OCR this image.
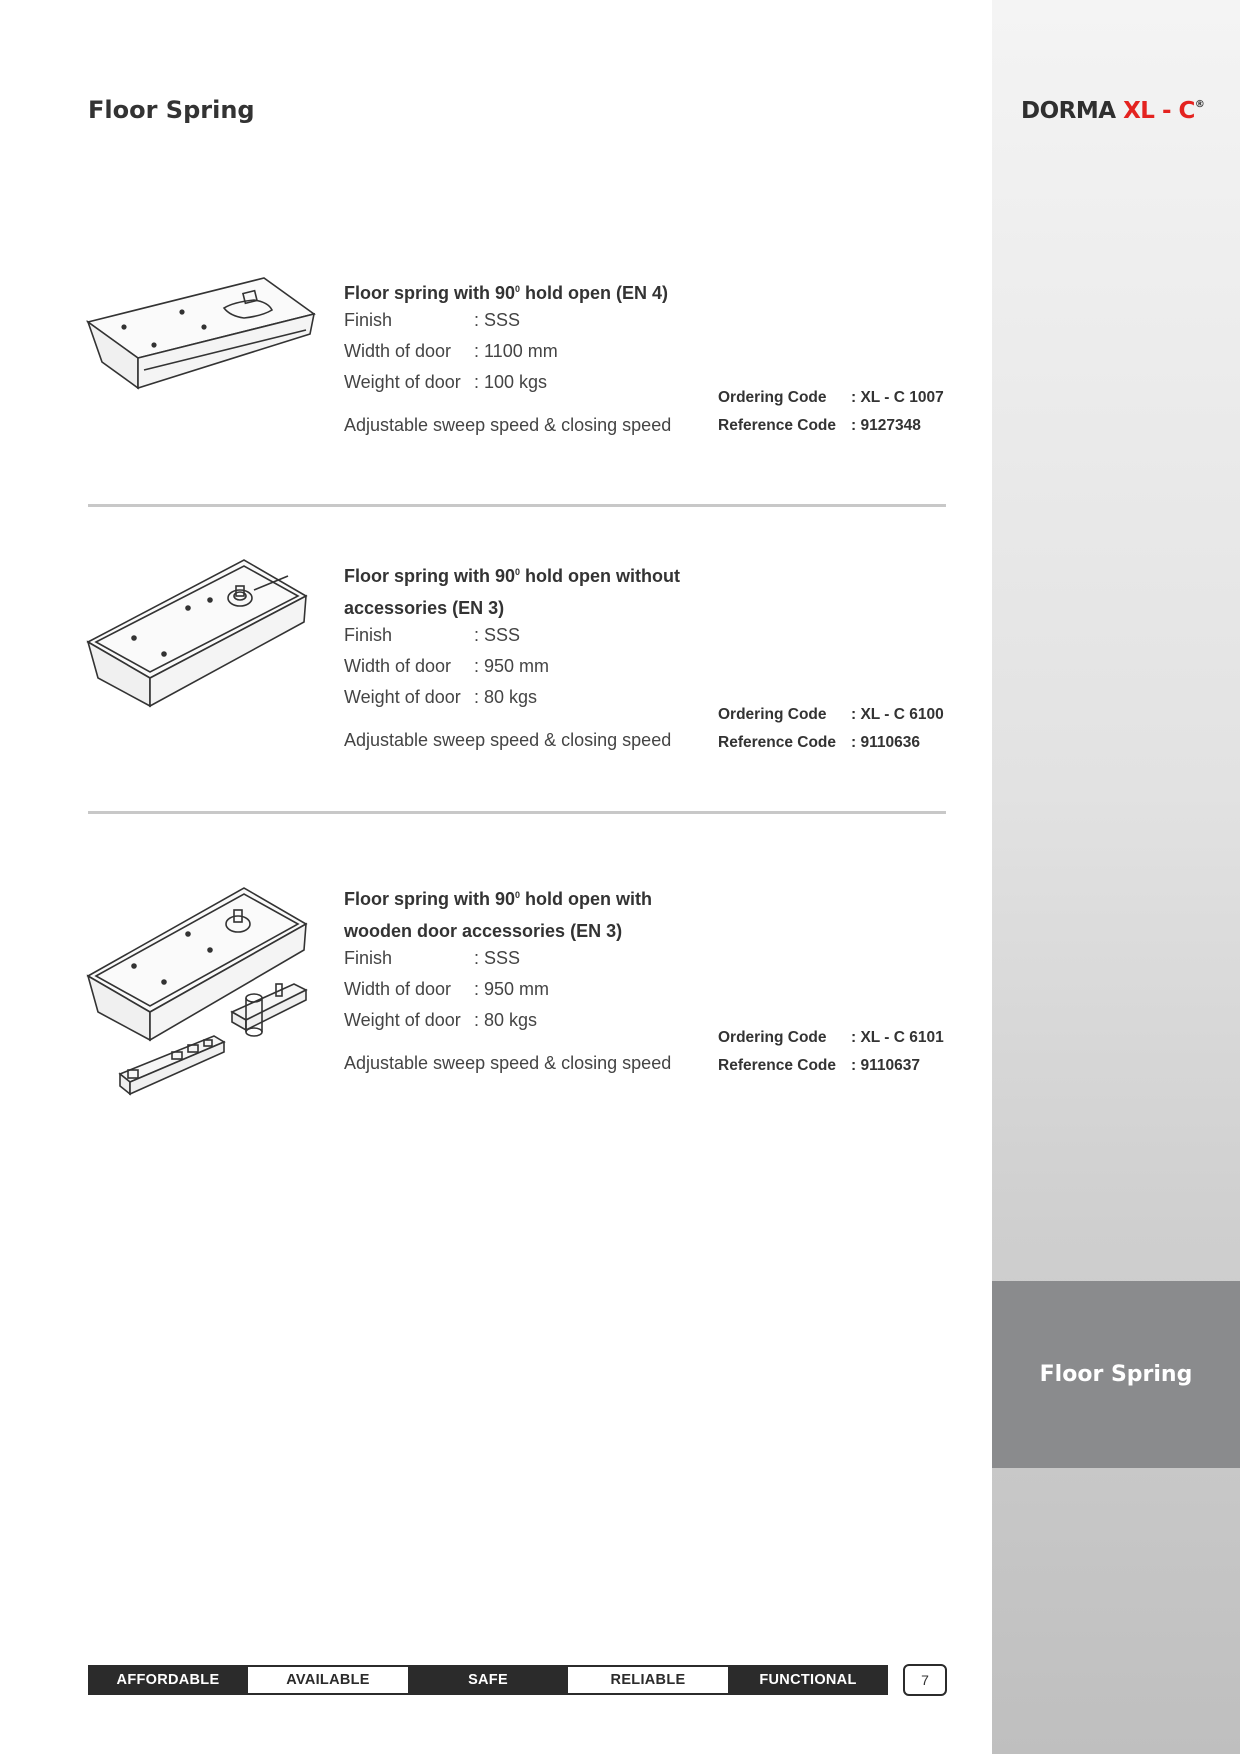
Floor Spring
Floor Spring	DORMA XL - C®
Floor spring with $90^0$ hold open (EN 4)
Finish	: SSS
Width of door : 1100 mm
Weight of door : 100 kgs
Adjustable sweep speed & closing speed
Ordering Code : XL - C 1007
Reference Code : 9127348
Floor spring with $90^0$ hold open without accessories (EN 3)
Finish	: SSS
Width of door : 950 mm
Weight of door : 80 kgs
Adjustable sweep speed & closing speed
Ordering Code : XL - C 6100
Reference Code : 9110636
Floor spring with $90^0$ hold open with wooden door accessories (EN 3)
Finish	: SSS
Width of door : 950 mm
Weight of door : 80 kgs
Adjustable sweep speed & closing speed
Ordering Code : XL - C 6101
Reference Code : 9110637
AFFORDABLE	AVAILABLE	SAFE	RELIABLE	FUNCTIONAL	7
